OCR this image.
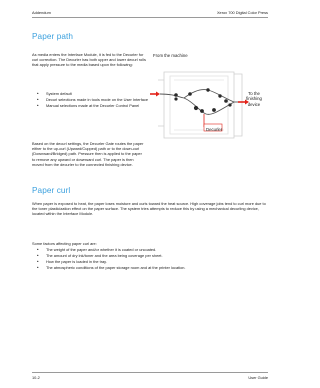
Addendum	Xerox 700 Digital Color Press
Paper path

As media enters the Interface Module, it is fed to the Decurler for curl correction. The Decurler has both upper and lower decurl rolls that apply pressure to the media based upon the following:

• System default
• Decurl selections made in tools mode on the User Interface
• Manual selections made at the Decurler Control Panel

Based on the decurl settings, the Decurler Gate routes the paper either to the up-curl (Upward/Cupped) path or to the down-curl (Downward/Bridged) path. Pressure then is applied to the paper to remove any upward or downward curl. The paper is then moved from the decurler to the connected finishing device.

From the machine
To the finishing device
Decurler
Paper curl

When paper is exposed to heat, the paper loses moisture and curls toward the heat source. High coverage jobs tend to curl more due to the toner plasticization effect on the paper surface. The system tries attempts to reduce this by using a mechanical decurling device, located within the Interface Module.

Some factors affecting paper curl are:

• The weight of the paper and/or whether it is coated or uncoated.
• The amount of dry ink/toner and the area being coverage per sheet.
• How the paper is loaded in the tray.
• The atmospheric conditions of the paper storage room and at the printer location.
10-2	User Guide
